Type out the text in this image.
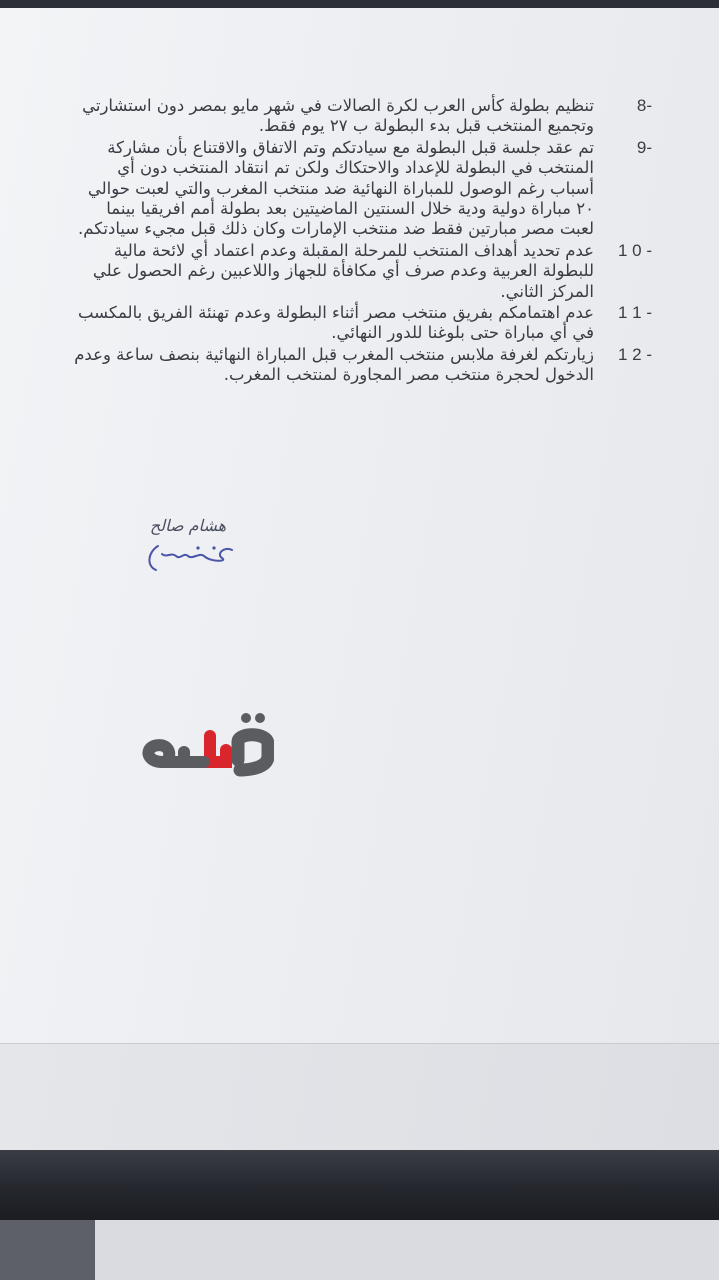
8-
تنظيم بطولة كأس العرب لكرة الصالات في شهر مايو بمصر دون استشارتي وتجميع المنتخب قبل بدء البطولة ب ٢٧ يوم فقط.
9-
تم عقد جلسة قبل البطولة مع سيادتكم وتم الاتفاق والاقتناع بأن مشاركة المنتخب في البطولة للإعداد والاحتكاك ولكن تم انتقاد المنتخب دون أي أسباب رغم الوصول للمباراة النهائية ضد منتخب المغرب والتي لعبت حوالي ٢٠ مباراة دولية ودية خلال السنتين الماضيتين بعد بطولة أمم افريقيا بينما لعبت مصر مبارتين فقط ضد منتخب الإمارات وكان ذلك قبل مجيء سيادتكم.
1 0 -
عدم تحديد أهداف المنتخب للمرحلة المقبلة وعدم اعتماد أي لائحة مالية للبطولة العربية وعدم صرف أي مكافأة للجهاز واللاعبين رغم الحصول علي المركز الثاني.
1 1 -
عدم اهتمامكم بفريق منتخب مصر أثناء البطولة وعدم تهنئة الفريق بالمكسب في أي مباراة حتى بلوغنا للدور النهائي.
1 2 -
زيارتكم لغرفة ملابس منتخب المغرب قبل المباراة النهائية بنصف ساعة وعدم الدخول لحجرة منتخب مصر المجاورة لمنتخب المغرب.
هشام صالح
